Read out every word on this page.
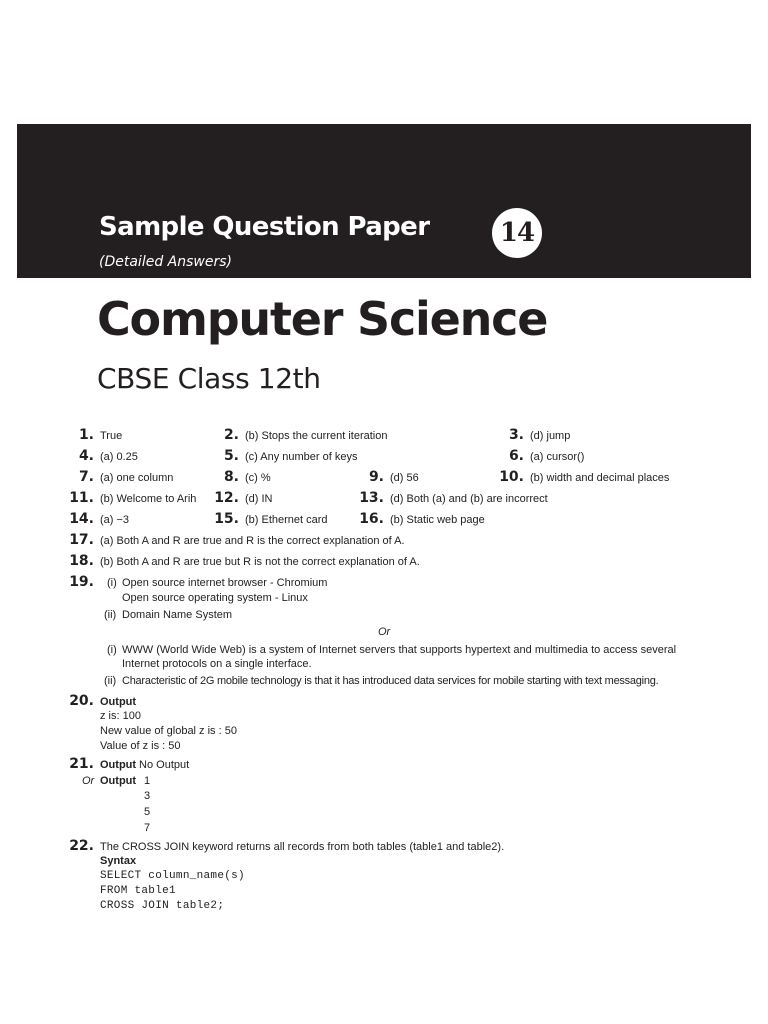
Sample Question Paper	14
(Detailed Answers)
Computer Science
CBSE Class 12th
1. True	2. (b) Stops the current iteration	3. (d) jump
4. (a) 0.25	5. (c) Any number of keys	6. (a) cursor()
7. (a) one column	8. (c) %	9. (d) 56	10. (b) width and decimal places
11. (b) Welcome to Arih 12. (d) IN	13. (d) Both (a) and (b) are incorrect
14. (a) −3	15. (b) Ethernet card 16. (b) Static web page
17. (a) Both A and R are true and R is the correct explanation of A.
18. (b) Both A and R are true but R is not the correct explanation of A.
19. (i) Open source internet browser - Chromium
Open source operating system - Linux
(ii) Domain Name System
Or
(i) WWW (World Wide Web) is a system of Internet servers that supports hypertext and multimedia to access several
Internet protocols on a single interface.
(ii) Characteristic of 2G mobile technology is that it has introduced data services for mobile starting with text messaging.
20. Output
z is: 100
New value of global z is : 50
Value of z is : 50
21. Output No Output
Or Output 1
3
5
7
22. The CROSS JOIN keyword returns all records from both tables (table1 and table2).
Syntax
SELECT column_name(s)
FROM table1
CROSS JOIN table2;
